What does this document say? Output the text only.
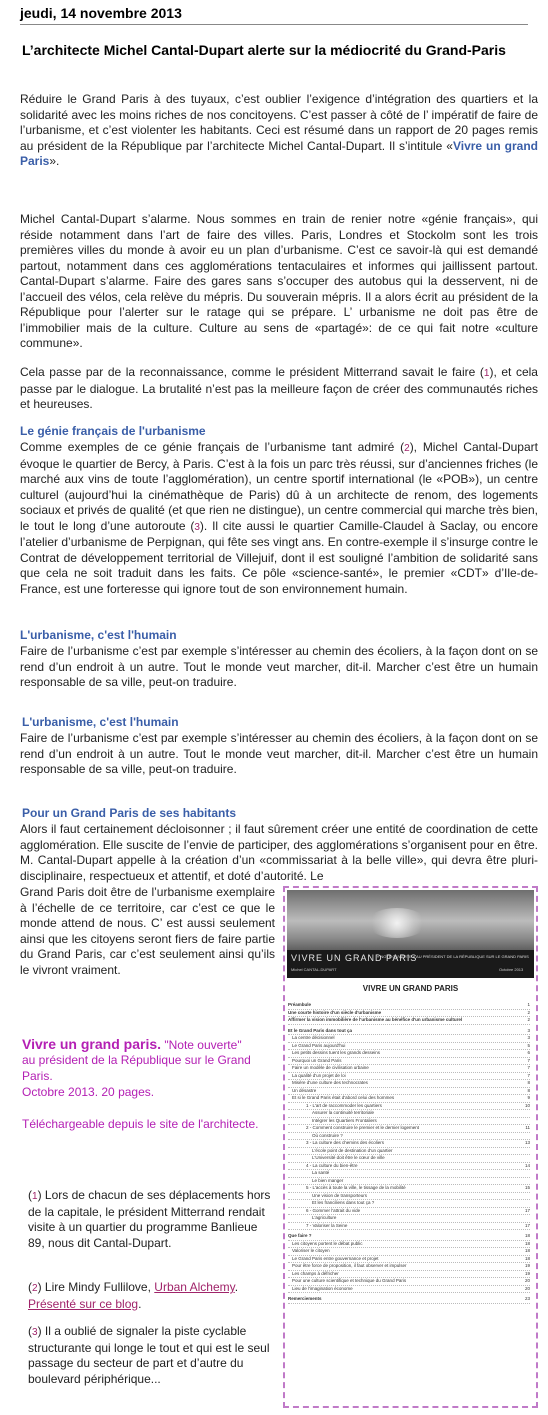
jeudi, 14 novembre 2013
L’architecte Michel Cantal-Dupart alerte sur la médiocrité du Grand-Paris
Réduire le Grand Paris à des tuyaux, c’est oublier l’exigence d’intégration des quartiers et la solidarité avec les moins riches de nos concitoyens. C’est passer à côté de l’ impératif de faire de l’urbanisme, et c’est violenter les habitants. Ceci est résumé dans un rapport de 20 pages remis au président de la République par l’architecte Michel Cantal-Dupart. Il s’intitule «Vivre un grand Paris».
Michel Cantal-Dupart s’alarme. Nous sommes en train de renier notre «génie français», qui réside notamment dans l’art de faire des villes. Paris, Londres et Stockolm sont les trois premières villes du monde à avoir eu un plan d’urbanisme. C’est ce savoir-là qui est demandé partout, notamment dans ces agglomérations tentaculaires et informes qui jaillissent partout. Cantal-Dupart s’alarme. Faire des gares sans s’occuper des autobus qui la desservent, ni de l’accueil des vélos, cela relève du mépris. Du souverain mépris. Il a alors écrit au président de la République pour l’alerter sur le ratage qui se prépare. L’ urbanisme ne doit pas être de l’immobilier mais de la culture. Culture au sens de «partagé»: de ce qui fait notre «culture commune».
Cela passe par de la reconnaissance, comme le président Mitterrand savait le faire (1), et cela passe par le dialogue. La brutalité n’est pas la meilleure façon de créer des communautés riches et heureuses.
Le génie français de l'urbanisme
Comme exemples de ce génie français de l’urbanisme tant admiré (2), Michel Cantal-Dupart évoque le quartier de Bercy, à Paris. C’est à la fois un parc très réussi, sur d’anciennes friches (le marché aux vins de toute l’agglomération), un centre sportif international (le «POB»), un centre culturel (aujourd’hui la cinémathèque de Paris) dû à un architecte de renom, des logements sociaux et privés de qualité (et que rien ne distingue), un centre commercial qui marche très bien, le tout le long d’une autoroute (3). Il cite aussi le quartier Camille-Claudel à Saclay, ou encore l’atelier d’urbanisme de Perpignan, qui fête ses vingt ans. En contre-exemple il s’insurge contre le Contrat de développement territorial de Villejuif, dont il est souligné l’ambition de solidarité sans que cela ne soit traduit dans les faits. Ce pôle «science-santé», le premier «CDT» d’Ile-de-France, est une forteresse qui ignore tout de son environnement humain.
L'urbanisme, c'est l'humain
Faire de l’urbanisme c’est par exemple s’intéresser au chemin des écoliers, à la façon dont on se rend d’un endroit à un autre. Tout le monde veut marcher, dit-il. Marcher c’est être un humain responsable de sa ville, peut-on traduire.
L'urbanisme, c'est l'humain
Faire de l’urbanisme c’est par exemple s’intéresser au chemin des écoliers, à la façon dont on se rend d’un endroit à un autre. Tout le monde veut marcher, dit-il. Marcher c’est être un humain responsable de sa ville, peut-on traduire.
Pour un Grand Paris de ses habitants
Alors il faut certainement décloisonner ; il faut sûrement créer une entité de coordination de cette agglomération. Elle suscite de l’envie de participer, des agglomérations s’organisent pour en être. M. Cantal-Dupart appelle à la création d’un «commissariat à la belle ville», qui devra être pluri-disciplinaire, respectueux et attentif, et doté d’autorité. Le
Grand Paris doit être de l’urbanisme exemplaire à l’échelle de ce territoire, car c’est ce que le monde attend de nous. C’ est aussi seulement ainsi que les citoyens seront fiers de faire partie du Grand Paris, car c’est seulement ainsi qu’ils le vivront vraiment.
Vivre un grand paris. "Note ouverte"
au président de la République sur le Grand Paris.
Octobre 2013. 20 pages.
Téléchargeable depuis le site de l'architecte.
(1) Lors de chacun de ses déplacements hors de la capitale, le président Mitterrand rendait visite à un quartier du programme Banlieue 89, nous dit Cantal-Dupart.
(2) Lire Mindy Fullilove, Urban Alchemy. Présenté sur ce blog.
(3) Il a oublié de signaler la piste cyclable structurante qui longe le tout et qui est le seul passage du secteur de part et d’autre du boulevard périphérique...
VIVRE UN GRAND PARIS
« NOTE OUVERTE » AU PRÉSIDENT DE LA RÉPUBLIQUE SUR LE GRAND PARIS
Michel CANTAL-DUPART	Octobre 2013
VIVRE UN GRAND PARIS
Préambule	1
Une courte histoire d'un siècle d'urbanisme	2
Affirmer la vision immobilière de l'urbanisme au bénéfice d'un urbanisme culturel	2
Et le Grand Paris dans tout ça	3
La centre décisionnel	3
Le Grand Paris aujourd'hui	5
Les petits dessins tuent les grands desseins	6
Pourquoi un Grand Paris	7
Faire un modèle de civilisation urbaine	7
La qualité d'un projet de loi	7
Misère d'une culture des technocrates	8
Un désastre	8
Et si le Grand Paris était d'abord celui des hommes	9
1 - L'art de raccommoder les quartiers	10
Assurer la continuité territoriale
Intégrer les Quartiers Frontaliers
2 - Comment construire le premier et le dernier logement	11
Où construire ?
3 - La culture des chemins des écoliers	13
L'école point de destination d'un quartier
L'Université doit être le cœur de ville
4 - La culture du bien-être	14
La santé
Le bien manger
5 - L'accès à toute la ville, le tissage de la mobilité	15
Une vision de transporteurs
Et les franciliens dans tout ça ?
6 - Gommer l'attrait du vide	17
L'agriculture
7 - Valoriser la Seine	17
Que faire ?	18
Les citoyens portent le débat public	18
Valoriser le citoyen	18
Le Grand Paris entre gouvernance et projet	18
Pour être force de proposition, il faut observer et impulser	19
Les champs à défricher	19
Pour une culture scientifique et technique du Grand Paris	20
Lieu de l'imagination économe	20
Remerciements	23
